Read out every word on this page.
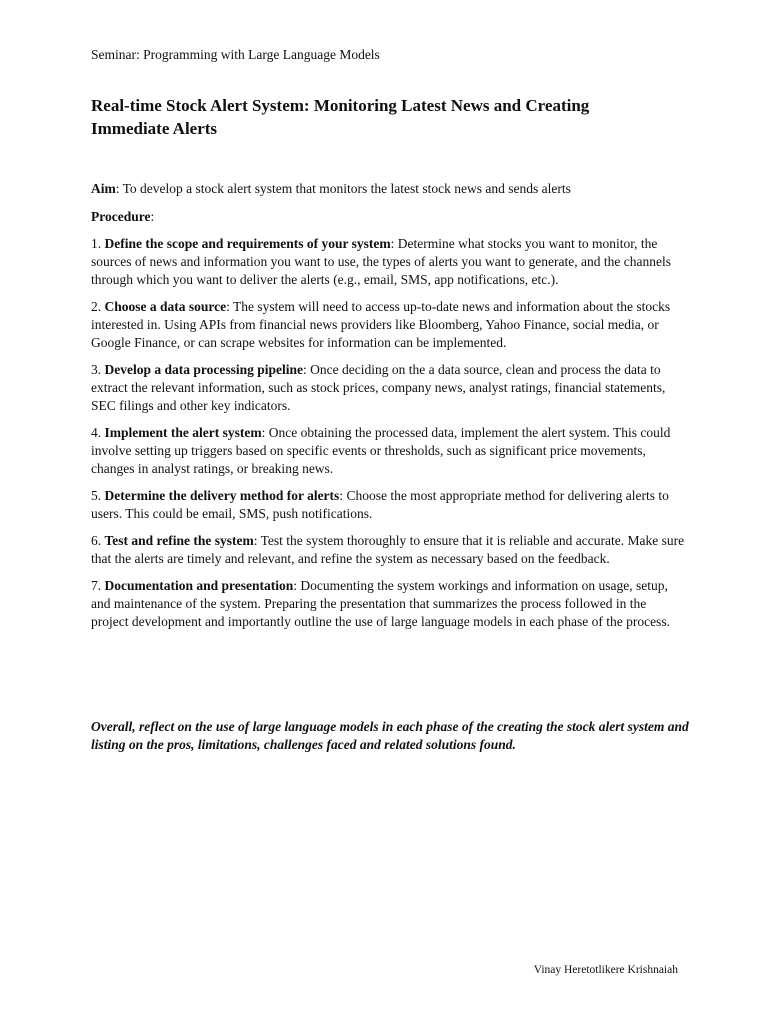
Seminar: Programming with Large Language Models
Real-time Stock Alert System: Monitoring Latest News and Creating
Immediate Alerts

Aim: To develop a stock alert system that monitors the latest stock news and sends alerts

Procedure:

1. Define the scope and requirements of your system: Determine what stocks you want to monitor, the sources of news and information you want to use, the types of alerts you want to generate, and the channels through which you want to deliver the alerts (e.g., email, SMS, app notifications, etc.).

2. Choose a data source: The system will need to access up-to-date news and information about the stocks interested in. Using APIs from financial news providers like Bloomberg, Yahoo Finance, social media, or Google Finance, or can scrape websites for information can be implemented.

3. Develop a data processing pipeline: Once deciding on the a data source, clean and process the data to extract the relevant information, such as stock prices, company news, analyst ratings, financial statements, SEC filings and other key indicators.

4. Implement the alert system: Once obtaining the processed data, implement the alert system. This could involve setting up triggers based on specific events or thresholds, such as significant price movements, changes in analyst ratings, or breaking news.

5. Determine the delivery method for alerts: Choose the most appropriate method for delivering alerts to users. This could be email, SMS, push notifications.

6. Test and refine the system: Test the system thoroughly to ensure that it is reliable and accurate. Make sure that the alerts are timely and relevant, and refine the system as necessary based on the feedback.

7. Documentation and presentation: Documenting the system workings and information on usage, setup, and maintenance of the system. Preparing the presentation that summarizes the process followed in the project development and importantly outline the use of large language models in each phase of the process.

Overall, reflect on the use of large language models in each phase of the creating the stock alert system and listing on the pros, limitations, challenges faced and related solutions found.

Vinay Heretotlikere Krishnaiah
